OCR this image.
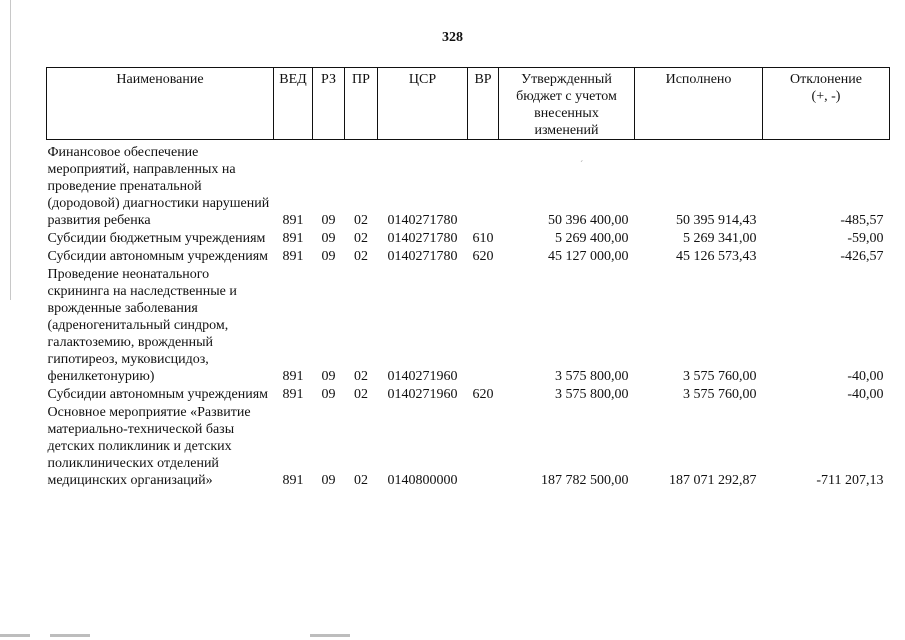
328
ˊ
Наименование	ВЕД	РЗ	ПР	ЦСР	ВР	Утвержденный бюджет с учетом внесенных изменений	Исполнено	Отклонение (+, -)
Финансовое обеспечение мероприятий, направленных на проведение пренатальной (дородовой) диагностики нарушений развития ребенка	891	09	02	0140271780		50 396 400,00	50 395 914,43	-485,57
Субсидии бюджетным учреждениям	891	09	02	0140271780	610	5 269 400,00	5 269 341,00	-59,00
Субсидии автономным учреждениям	891	09	02	0140271780	620	45 127 000,00	45 126 573,43	-426,57
Проведение неонатального скрининга на наследственные и врожденные заболевания (адреногенитальный синдром, галактоземию, врожденный гипотиреоз, муковисцидоз, фенилкетонурию)	891	09	02	0140271960		3 575 800,00	3 575 760,00	-40,00
Субсидии автономным учреждениям	891	09	02	0140271960	620	3 575 800,00	3 575 760,00	-40,00
Основное мероприятие «Развитие материально-технической базы детских поликлиник и детских поликлинических отделений медицинских организаций»	891	09	02	0140800000		187 782 500,00	187 071 292,87	-711 207,13
